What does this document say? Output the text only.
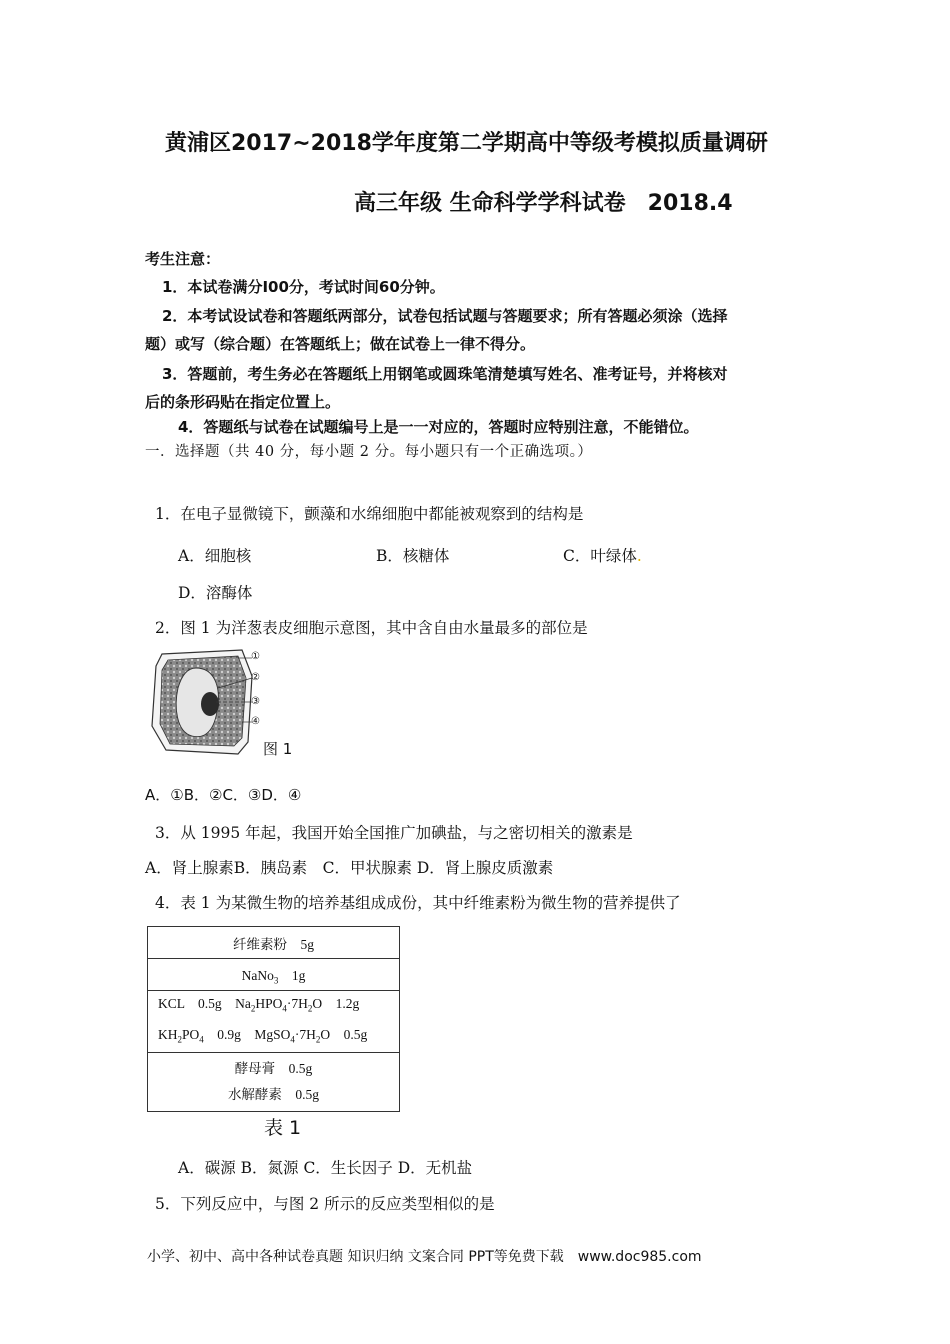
黄浦区2017~2018学年度第二学期高中等级考模拟质量调研
高三年级 生命科学学科试卷　2018.4
考生注意：
1．本试卷满分I00分，考试时间60分钟。
2．本考试设试卷和答题纸两部分，试卷包括试题与答题要求；所有答题必须涂（选择
题）或写（综合题）在答题纸上；做在试卷上一律不得分。
3．答题前，考生务必在答题纸上用钢笔或圆珠笔清楚填写姓名、准考证号，并将核对
后的条形码贴在指定位置上。
4．答题纸与试卷在试题编号上是一一对应的，答题时应特别注意，不能错位。
一．选择题（共 40 分，每小题 2 分。每小题只有一个正确选项。）
1．在电子显微镜下，颤藻和水绵细胞中都能被观察到的结构是
A．细胞核	B．核糖体	C．叶绿体.
D．溶酶体
2．图 1 为洋葱表皮细胞示意图，其中含自由水量最多的部位是
①
②
③
④
图 1
A．①B．②C．③D．④
3．从 1995 年起，我国开始全国推广加碘盐，与之密切相关的激素是
A．肾上腺素B．胰岛素　C．甲状腺素 D．肾上腺皮质激素
4．表 1 为某微生物的培养基组成成份，其中纤维素粉为微生物的营养提供了
纤维素粉　5g
NaNo$_3$　1g

KCL　0.5g　$Na_2HPO_4\cdot 7H_2O$　1.2g
$KH_2PO_4$　0.9g　$MgSO_4\cdot 7H_2O$　0.5g

酵母膏　0.5g
水解酵素　0.5g
表 1
A．碳源 B．氮源 C．生长因子 D．无机盐
5．下列反应中，与图 2 所示的反应类型相似的是
小学、初中、高中各种试卷真题 知识归纳 文案合同 PPT等免费下载　www.doc985.com
